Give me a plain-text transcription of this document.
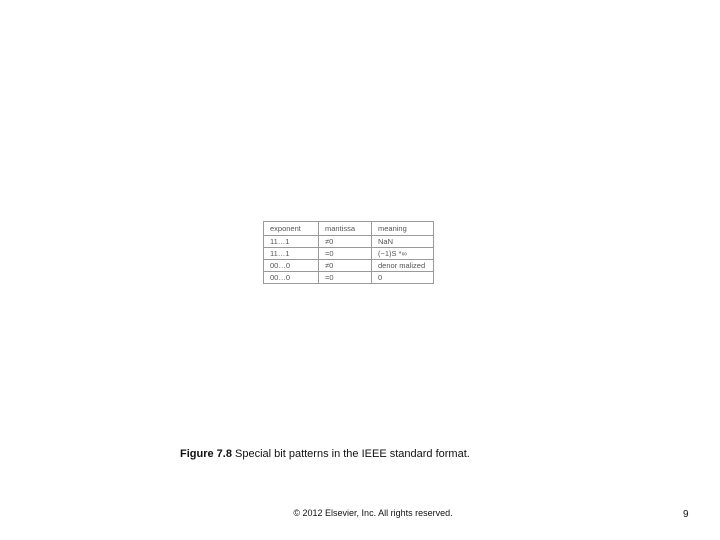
exponent	mantissa	meaning
11…1	≠0	NaN
11…1	=0	(−1)S *∞
00…0	≠0	denor malized
00…0	=0	0
Figure 7.8 Special bit patterns in the IEEE standard format.
© 2012 Elsevier, Inc. All rights reserved.	9
